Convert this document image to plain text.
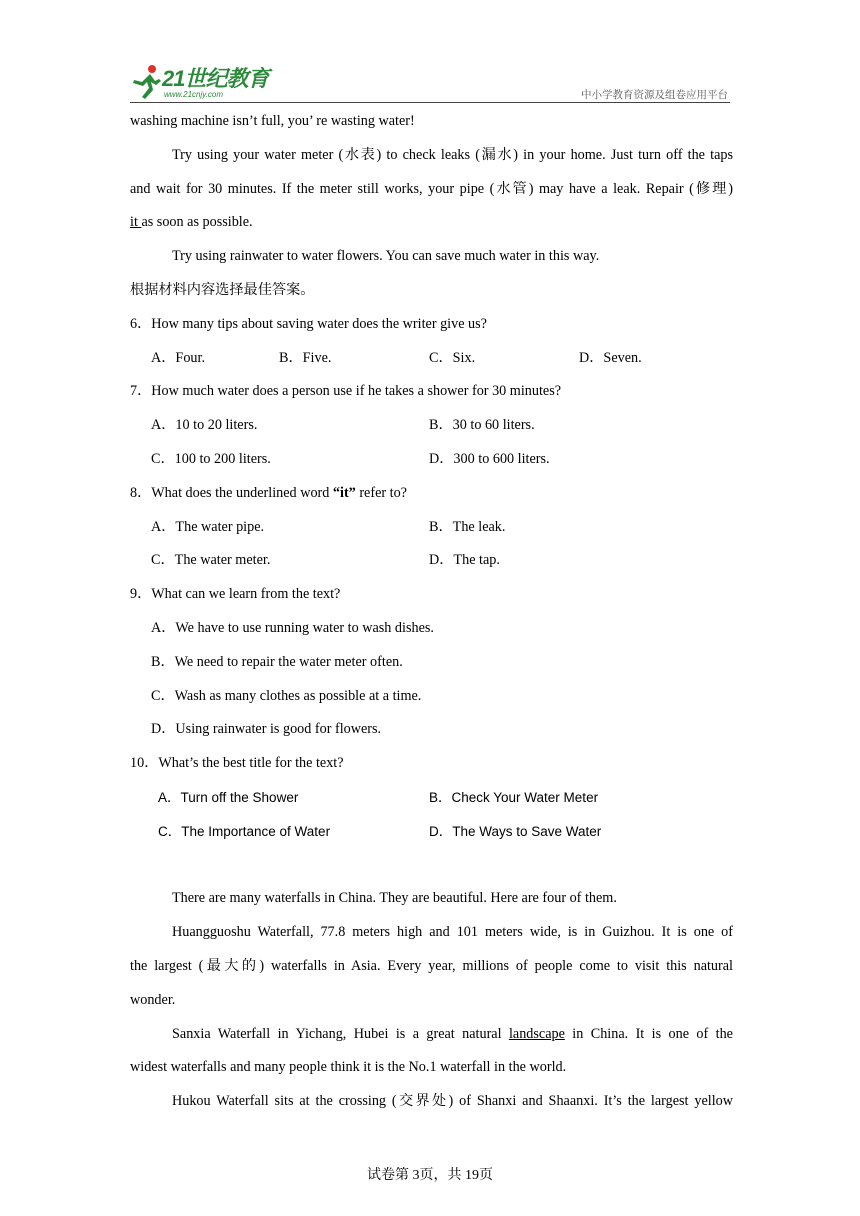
21世纪教育
www.21cnjy.com	中小学教育资源及组卷应用平台
washing machine isn’t full, you’ re wasting water!
Try using your water meter (水表) to check leaks (漏水) in your home. Just turn off the taps
and wait for 30 minutes. If the meter still works, your pipe (水管) may have a leak. Repair (修理)
it as soon as possible.
Try using rainwater to water flowers. You can save much water in this way.
根据材料内容选择最佳答案。
6．How many tips about saving water does the writer give us?
A．Four.	B．Five.	C．Six.	D．Seven.
7．How much water does a person use if he takes a shower for 30 minutes?
A．10 to 20 liters.	B．30 to 60 liters.
C．100 to 200 liters.	D．300 to 600 liters.
8．What does the underlined word “it” refer to?
A．The water pipe.	B．The leak.
C．The water meter.	D．The tap.
9．What can we learn from the text?
A．We have to use running water to wash dishes.
B．We need to repair the water meter often.
C．Wash as many clothes as possible at a time.
D．Using rainwater is good for flowers.
10．What’s the best title for the text?
A．Turn off the Shower	B．Check Your Water Meter
C．The Importance of Water	D．The Ways to Save Water
There are many waterfalls in China. They are beautiful. Here are four of them.
Huangguoshu Waterfall, 77.8 meters high and 101 meters wide, is in Guizhou. It is one of
the largest (最大的) waterfalls in Asia. Every year, millions of people come to visit this natural
wonder.
Sanxia Waterfall in Yichang, Hubei is a great natural landscape in China. It is one of the
widest waterfalls and many people think it is the No.1 waterfall in the world.
Hukou Waterfall sits at the crossing (交界处) of Shanxi and Shaanxi. It’s the largest yellow
试卷第 3页，共 19页
